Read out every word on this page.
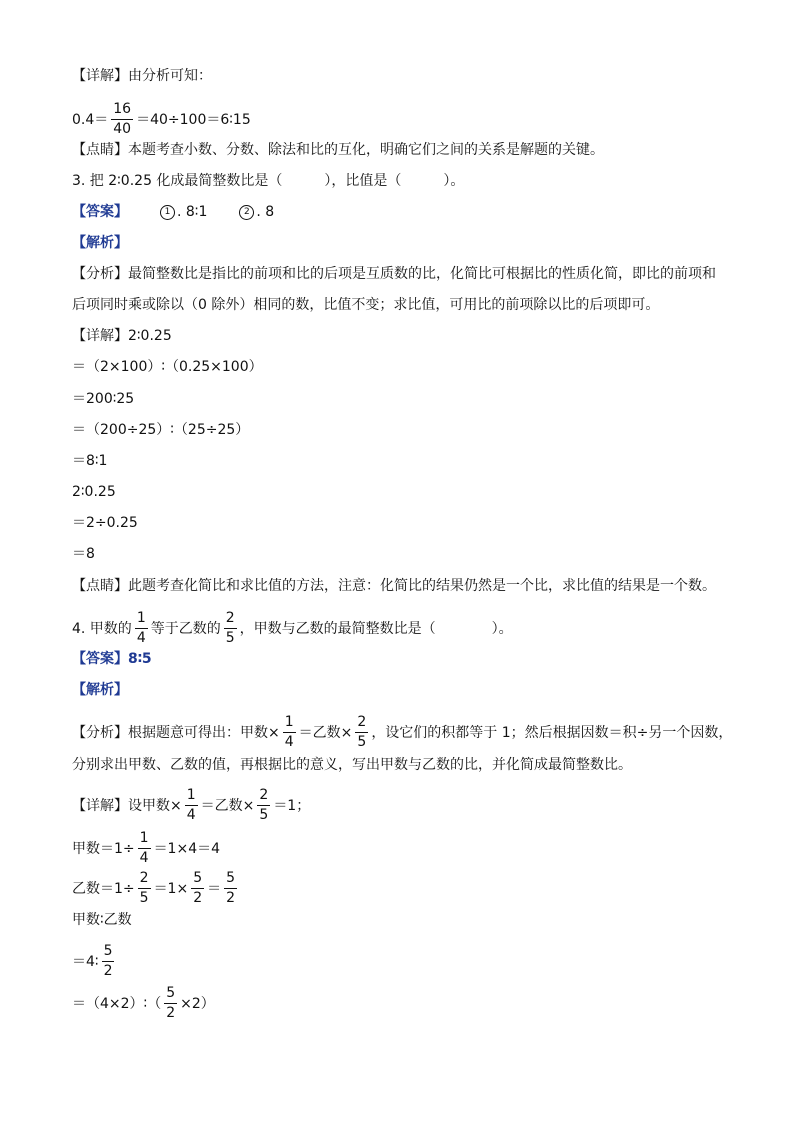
【详解】 由分析可知：
$0.4= \frac{16}{40}$ ＝40÷100＝6∶15
【点睛】 本题考查小数、分数、除法和比的互化，明确它们之间的关系是解题的关键。
3. 把 2∶0.25 化成最简整数比是（　　　），比值是（　　　）。
【答案】	1 . 8∶1	2 . 8
【解析】
【分析】 最简整数比是指比的前项和比的后项是互质数的比，化简比可根据比的性质化简，即比的前项和
后项同时乘或除以（0 除外）相同的数，比值不变；求比值，可用比的前项除以比的后项即可。
【详解】 2∶0.25
＝（2×100）∶（0.25×100）
＝200∶25
＝（200÷25）∶（25÷25）
＝8∶1
2∶0.25
＝2÷0.25
＝8
【点睛】 此题考查化简比和求比值的方法，注意：化简比的结果仍然是一个比，求比值的结果是一个数。
4. 甲数的 $\frac{1}{4}$ 等于乙数的 $\frac{2}{5}$ ，甲数与乙数的最简整数比是（　　　　）。
【答案】 8∶5
【解析】
【分析】 根据题意可得出：甲数× $\frac{1}{4}$ ＝乙数× $\frac{2}{5}$ ，设它们的积都等于 1；然后根据因数＝积÷另一个因数，
分别求出甲数、乙数的值，再根据比的意义，写出甲数与乙数的比，并化简成最简整数比。
【详解】 设甲数× $\frac{1}{4}$ ＝乙数× $\frac{2}{5} =1$；
甲数$=1\div \frac{1}{4} =1\times 4=4$
乙数$=1\div \frac{2}{5} =1\times \frac{5}{2} = \frac{5}{2}$
甲数∶乙数
＝4∶ $\frac{5}{2}$
＝（4×2）∶（ $\frac{5}{2} \times 2$）
